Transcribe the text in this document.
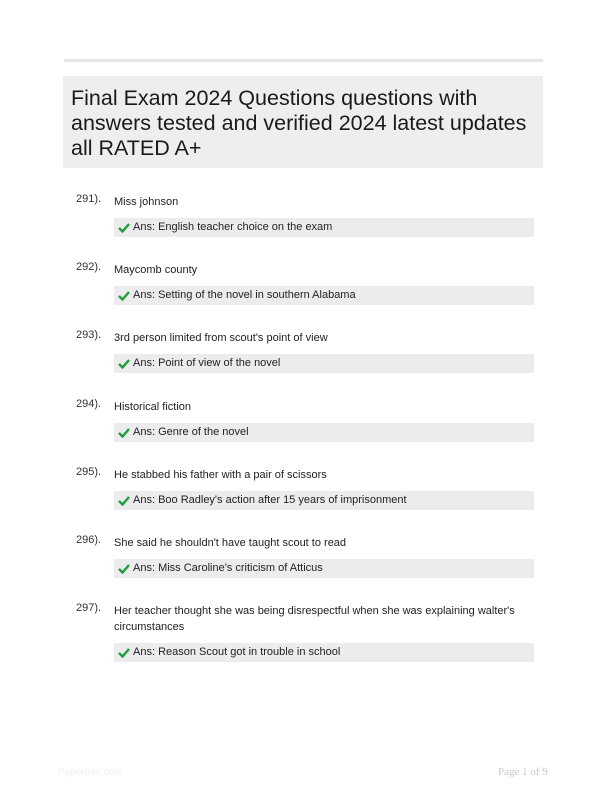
Final Exam 2024 Questions questions with answers tested and verified 2024 latest updates all RATED A+
291). Miss johnson
Ans: English teacher choice on the exam
292). Maycomb county
Ans: Setting of the novel in southern Alabama
293). 3rd person limited from scout's point of view
Ans: Point of view of the novel
294). Historical fiction
Ans: Genre of the novel
295). He stabbed his father with a pair of scissors
Ans: Boo Radley's action after 15 years of imprisonment
296). She said he shouldn't have taught scout to read
Ans: Miss Caroline's criticism of Atticus
297). Her teacher thought she was being disrespectful when she was explaining walter's circumstances
Ans: Reason Scout got in trouble in school
Paperbite.com	Page 1 of 9
